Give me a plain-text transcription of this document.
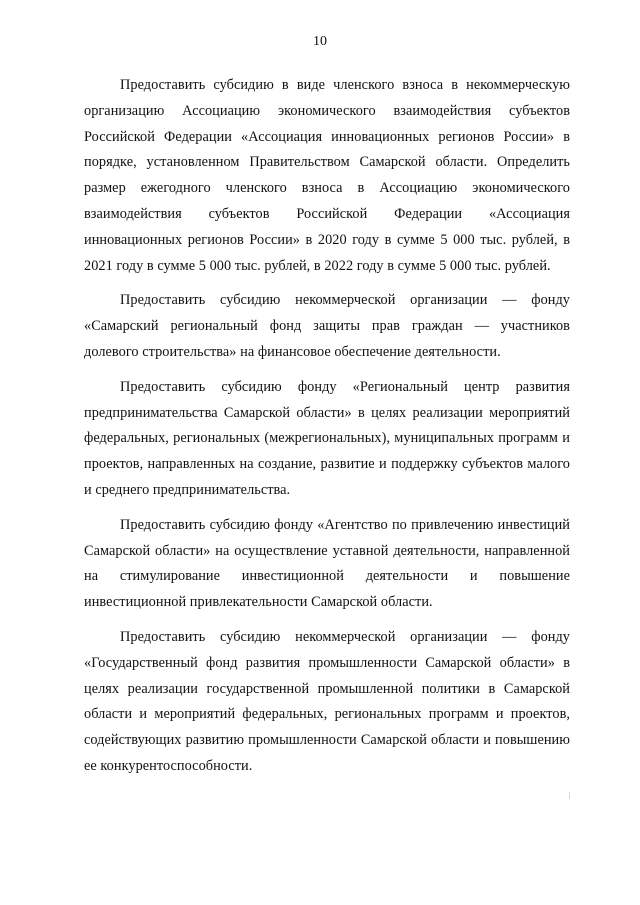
10

Предоставить субсидию в виде членского взноса в некоммерческую организацию Ассоциацию экономического взаимодействия субъектов Российской Федерации «Ассоциация инновационных регионов России» в порядке, установленном Правительством Самарской области. Определить размер ежегодного членского взноса в Ассоциацию экономического взаимодействия субъектов Российской Федерации «Ассоциация инновационных регионов России» в 2020 году в сумме 5 000 тыс. рублей, в 2021 году в сумме 5 000 тыс. рублей, в 2022 году в сумме 5 000 тыс. рублей.

Предоставить субсидию некоммерческой организации — фонду «Самарский региональный фонд защиты прав граждан — участников долевого строительства» на финансовое обеспечение деятельности.

Предоставить субсидию фонду «Региональный центр развития предпринимательства Самарской области» в целях реализации мероприятий федеральных, региональных (межрегиональных), муниципальных программ и проектов, направленных на создание, развитие и поддержку субъектов малого и среднего предпринимательства.

Предоставить субсидию фонду «Агентство по привлечению инвестиций Самарской области» на осуществление уставной деятельности, направленной на стимулирование инвестиционной деятельности и повышение инвестиционной привлекательности Самарской области.

Предоставить субсидию некоммерческой организации — фонду «Государственный фонд развития промышленности Самарской области» в целях реализации государственной промышленной политики в Самарской области и мероприятий федеральных, региональных программ и проектов, содействующих развитию промышленности Самарской области и повышению ее конкурентоспособности.
